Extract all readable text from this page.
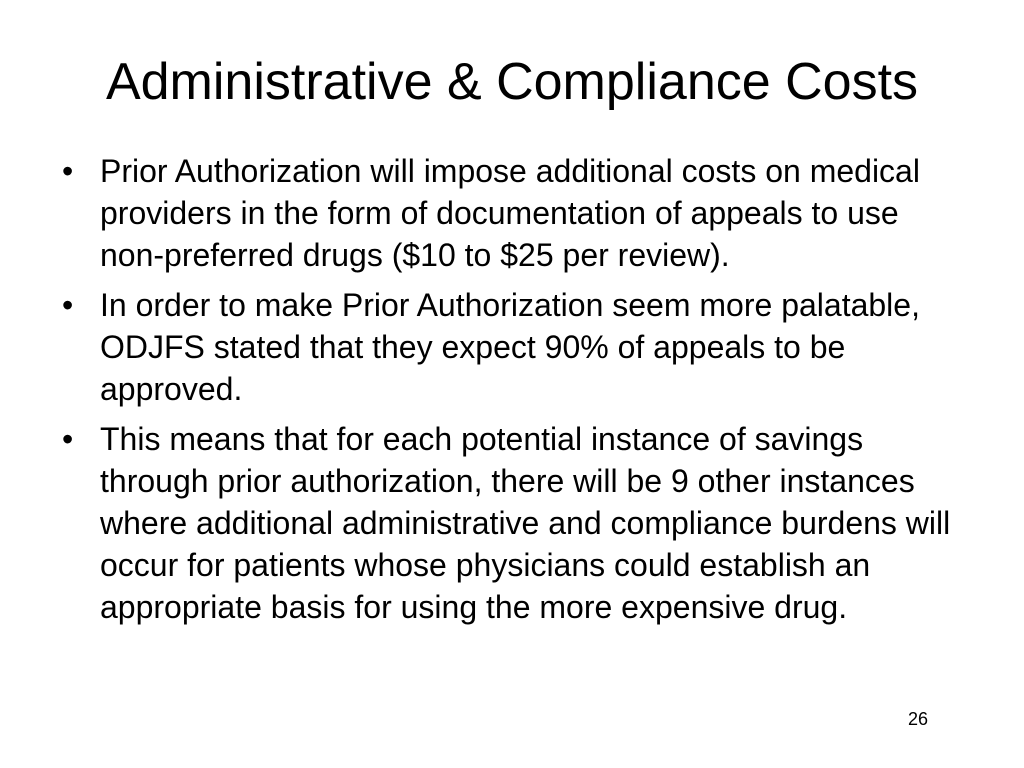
Administrative & Compliance Costs
• Prior Authorization will impose additional costs on medical providers in the form of documentation of appeals to use non-preferred drugs ($10 to $25 per review).
• In order to make Prior Authorization seem more palatable, ODJFS stated that they expect 90% of appeals to be approved.
• This means that for each potential instance of savings through prior authorization, there will be 9 other instances where additional administrative and compliance burdens will occur for patients whose physicians could establish an appropriate basis for using the more expensive drug.
26
